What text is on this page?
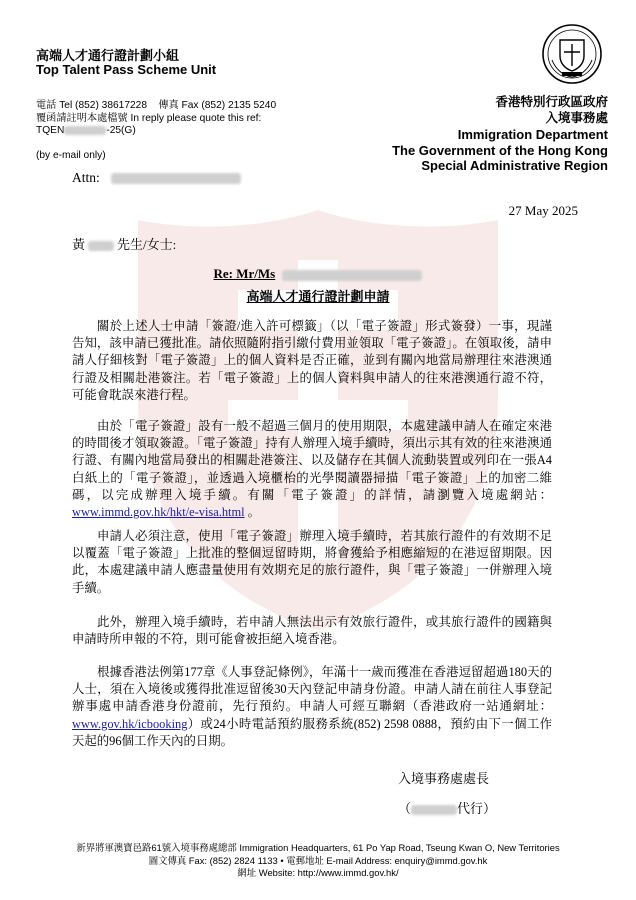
高端人才通行證計劃小組
Top Talent Pass Scheme Unit
電話 Tel (852) 38617228 傳真 Fax (852) 2135 5240
覆函請註明本處檔號 In reply please quote this ref:
TQEN	-25(G)
(by e-mail only)
香港特別行政區政府
入境事務處
Immigration Department
The Government of the Hong Kong
Special Administrative Region
Attn:
27 May 2025
黃 先生/女士:
Re: Mr/Ms
高端人才通行證計劃申請

關於上述人士申請「簽證/進入許可標籤」（以「電子簽證」形式簽發）一事，現謹告知，該申請已獲批准。請依照隨附指引繳付費用並領取「電子簽證」。在領取後，請申請人仔細核對「電子簽證」上的個人資料是否正確，並到有關內地當局辦理往來港澳通行證及相關赴港簽注。若「電子簽證」上的個人資料與申請人的往來港澳通行證不符，可能會耽誤來港行程。

由於「電子簽證」設有一般不超過三個月的使用期限，本處建議申請人在確定來港的時間後才領取簽證。「電子簽證」持有人辦理入境手續時，須出示其有效的往來港澳通行證、有關內地當局發出的相關赴港簽注、以及儲存在其個人流動裝置或列印在一張A4白紙上的「電子簽證」，並透過入境櫃枱的光學閱讀器掃描「電子簽證」上的加密二維碼，以完成辦理入境手續。有關「電子簽證」的詳情，請瀏覽入境處網站：www.immd.gov.hk/hkt/e-visa.html 。

申請人必須注意，使用「電子簽證」辦理入境手續時，若其旅行證件的有效期不足以覆蓋「電子簽證」上批准的整個逗留時期，將會獲給予相應縮短的在港逗留期限。因此，本處建議申請人應盡量使用有效期充足的旅行證件，與「電子簽證」一併辦理入境手續。

此外，辦理入境手續時，若申請人無法出示有效旅行證件，或其旅行證件的國籍與申請時所申報的不符，則可能會被拒絕入境香港。

根據香港法例第177章《人事登記條例》，年滿十一歲而獲准在香港逗留超過180天的人士，須在入境後或獲得批准逗留後30天內登記申請身份證。申請人請在前往人事登記辦事處申請香港身份證前，先行預約。申請人可經互聯網（香港政府一站通網址：www.gov.hk/icbooking）或24小時電話預約服務系統(852) 2598 0888，預約由下一個工作天起的96個工作天內的日期。

入境事務處處長
（	代行）
新界將軍澳寶邑路61號入境事務處總部 Immigration Headquarters, 61 Po Yap Road, Tseung Kwan O, New Territories
圖文傳真 Fax: (852) 2824 1133 • 電郵地址 E-mail Address: enquiry@immd.gov.hk
網址 Website: http://www.immd.gov.hk/
